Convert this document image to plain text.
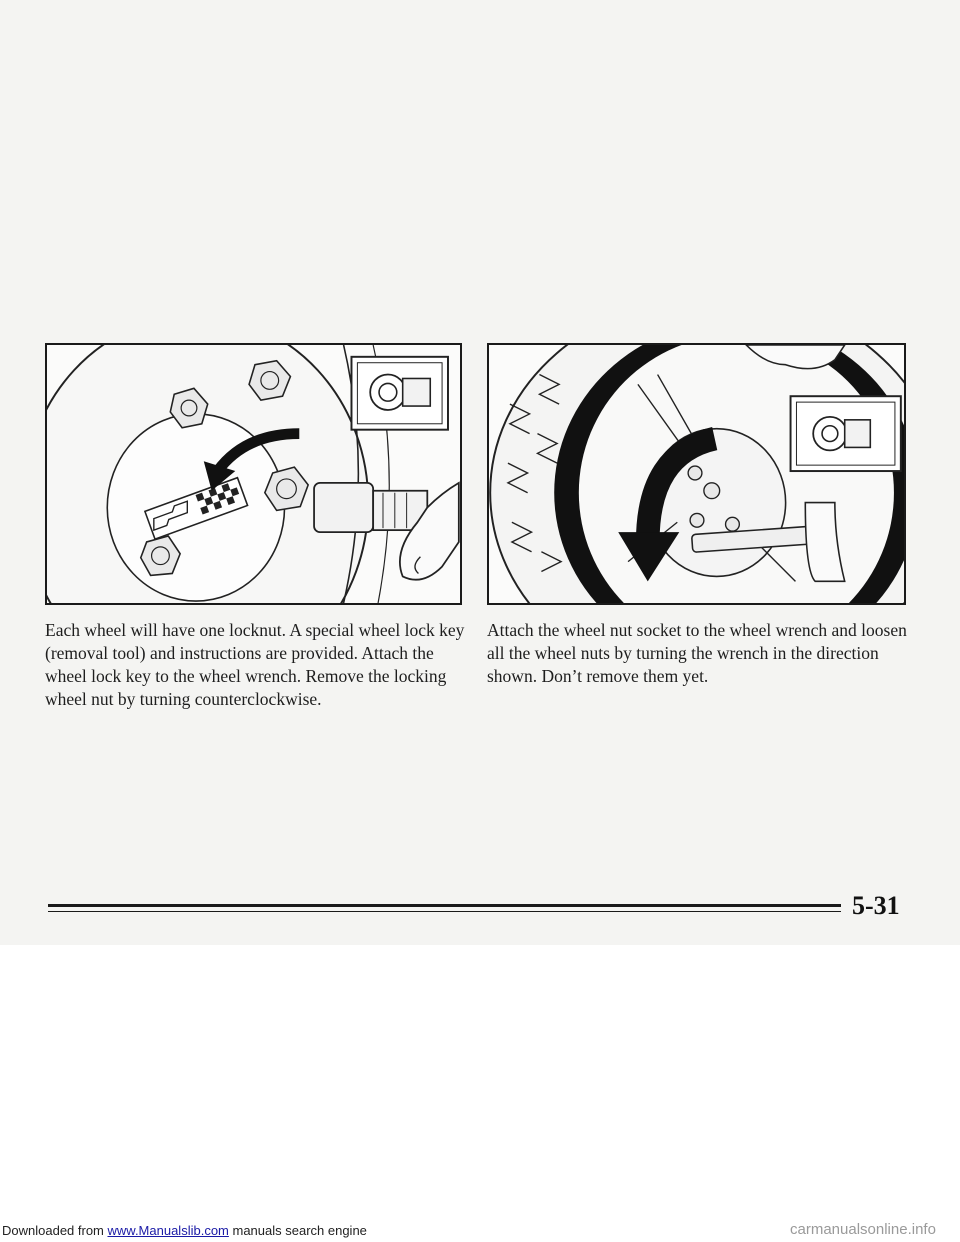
Each wheel will have one locknut. A special wheel lock key (removal tool) and instructions are provided. Attach the wheel lock key to the wheel wrench. Remove the locking wheel nut by turning counterclockwise.

Attach the wheel nut socket to the wheel wrench and loosen all the wheel nuts by turning the wrench in the direction shown. Don’t remove them yet.

5-31
Downloaded from www.Manualslib.com manuals search engine	carmanualsonline.info
